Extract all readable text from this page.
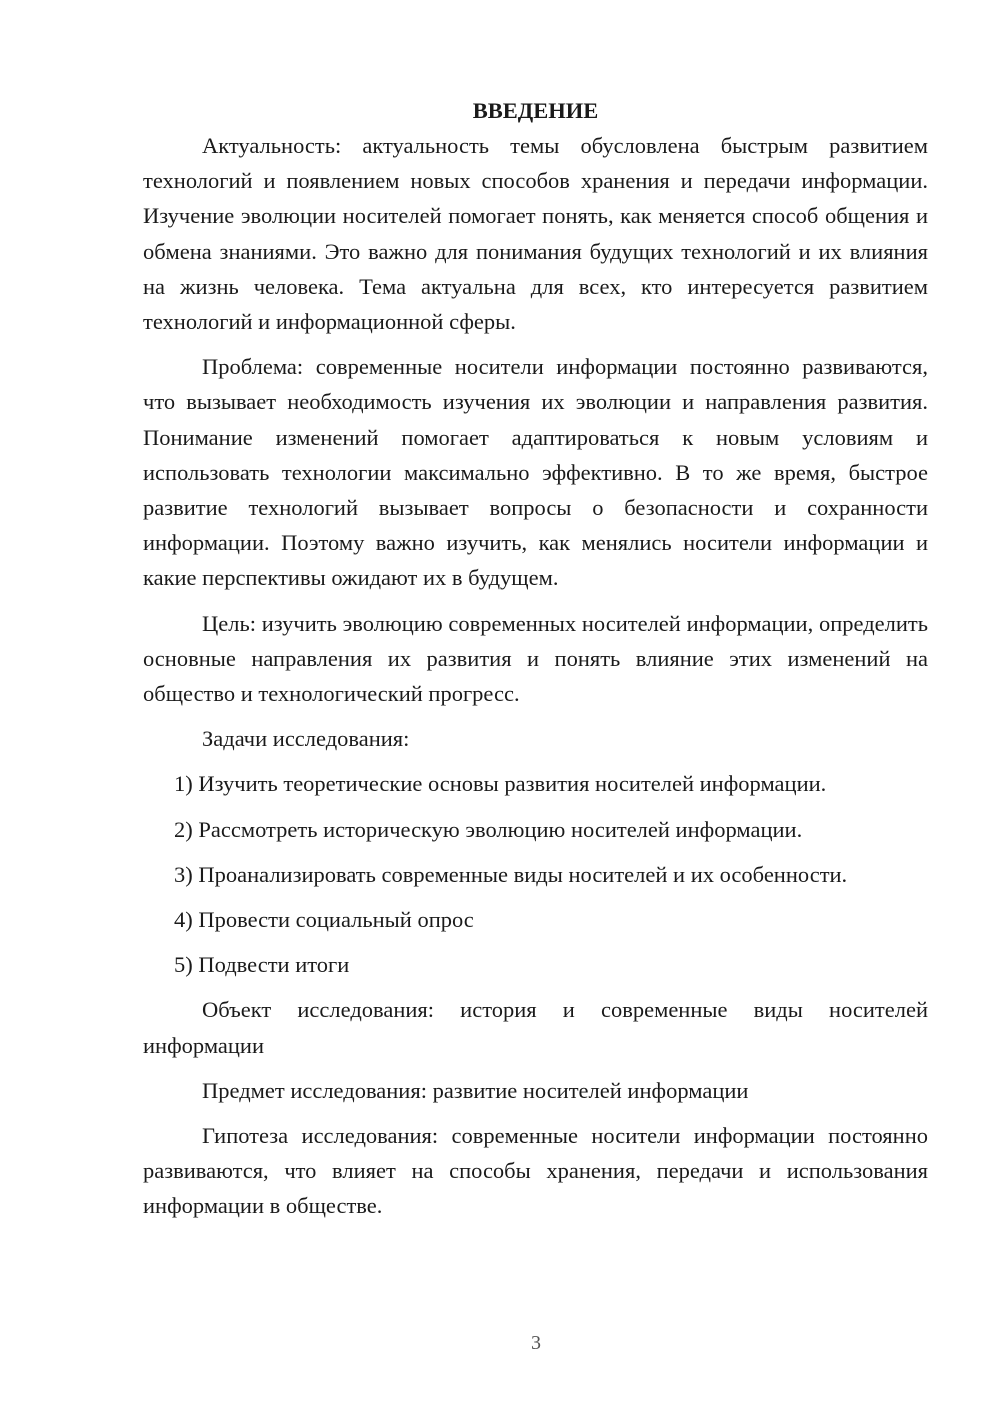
ВВЕДЕНИЕ

Актуальность: актуальность темы обусловлена быстрым развитием технологий и появлением новых способов хранения и передачи информации. Изучение эволюции носителей помогает понять, как меняется способ общения и обмена знаниями. Это важно для понимания будущих технологий и их влияния на жизнь человека. Тема актуальна для всех, кто интересуется развитием технологий и информационной сферы.

Проблема: современные носители информации постоянно развиваются, что вызывает необходимость изучения их эволюции и направления развития. Понимание изменений помогает адаптироваться к новым условиям и использовать технологии максимально эффективно. В то же время, быстрое развитие технологий вызывает вопросы о безопасности и сохранности информации. Поэтому важно изучить, как менялись носители информации и какие перспективы ожидают их в будущем.

Цель: изучить эволюцию современных носителей информации, определить основные направления их развития и понять влияние этих изменений на общество и технологический прогресс.

Задачи исследования:

1) Изучить теоретические основы развития носителей информации.
2) Рассмотреть историческую эволюцию носителей информации.
3) Проанализировать современные виды носителей и их особенности.
4) Провести социальный опрос
5) Подвести итоги

Объект исследования: история и современные виды носителей информации

Предмет исследования: развитие носителей информации

Гипотеза исследования: современные носители информации постоянно развиваются, что влияет на способы хранения, передачи и использования информации в обществе.

3
